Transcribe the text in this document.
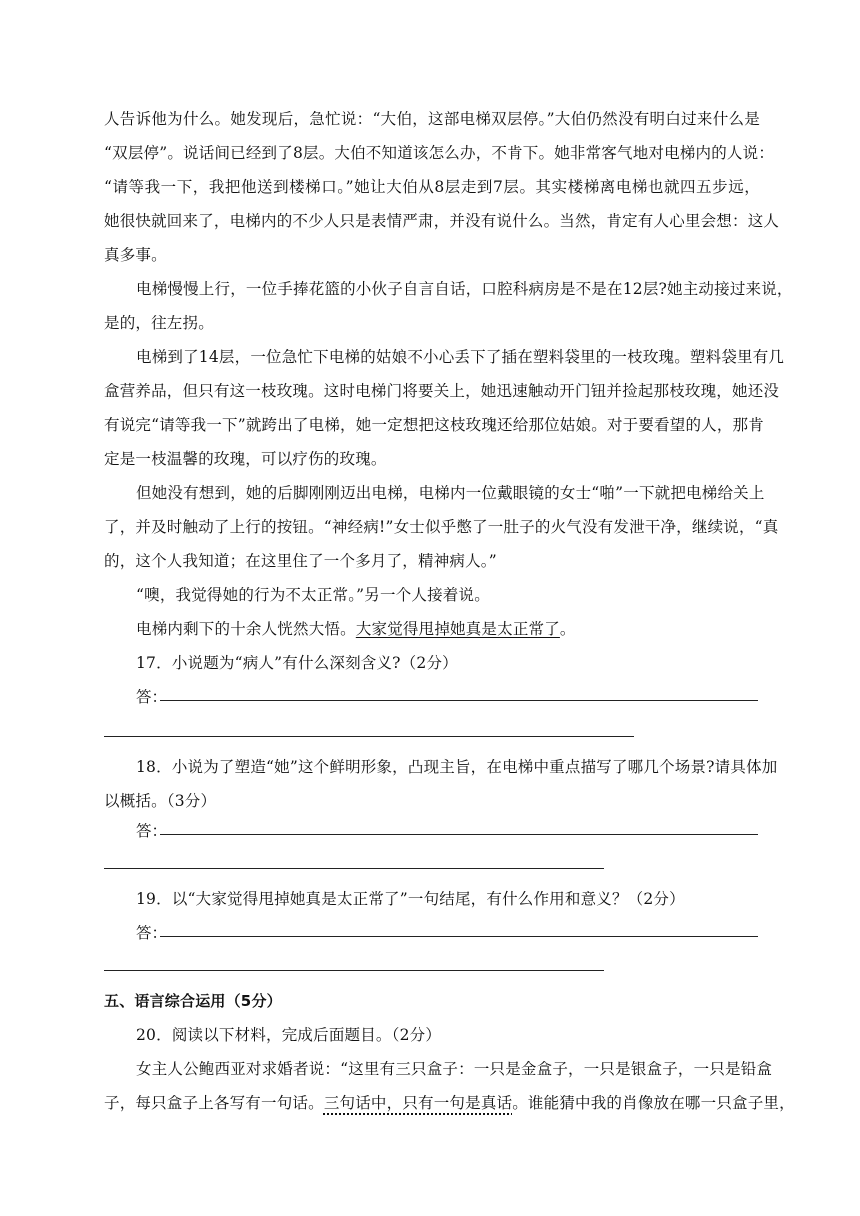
人告诉他为什么。她发现后，急忙说：“大伯，这部电梯双层停。”大伯仍然没有明白过来什么是
“双层停”。说话间已经到了8层。大伯不知道该怎么办，不肯下。她非常客气地对电梯内的人说：
“请等我一下，我把他送到楼梯口。”她让大伯从8层走到7层。其实楼梯离电梯也就四五步远，
她很快就回来了，电梯内的不少人只是表情严肃，并没有说什么。当然，肯定有人心里会想：这人
真多事。
电梯慢慢上行，一位手捧花篮的小伙子自言自话，口腔科病房是不是在12层?她主动接过来说，
是的，往左拐。
电梯到了14层，一位急忙下电梯的姑娘不小心丢下了插在塑料袋里的一枝玫瑰。塑料袋里有几
盒营养品，但只有这一枝玫瑰。这时电梯门将要关上，她迅速触动开门钮并捡起那枝玫瑰，她还没
有说完“请等我一下”就跨出了电梯，她一定想把这枝玫瑰还给那位姑娘。对于要看望的人，那肯
定是一枝温馨的玫瑰，可以疗伤的玫瑰。
但她没有想到，她的后脚刚刚迈出电梯，电梯内一位戴眼镜的女士“啪”一下就把电梯给关上
了，并及时触动了上行的按钮。“神经病!”女士似乎憋了一肚子的火气没有发泄干净，继续说，“真
的，这个人我知道；在这里住了一个多月了，精神病人。”
“噢，我觉得她的行为不太正常。”另一个人接着说。
电梯内剩下的十余人恍然大悟。大家觉得甩掉她真是太正常了。
17．小说题为“病人”有什么深刻含义?（2分）
答：
18．小说为了塑造“她”这个鲜明形象，凸现主旨，在电梯中重点描写了哪几个场景?请具体加
以概括。（3分）
答：
19．以“大家觉得甩掉她真是太正常了”一句结尾，有什么作用和意义？（2分）
答：
五、语言综合运用（5分）
20．阅读以下材料，完成后面题目。（2分）
女主人公鲍西亚对求婚者说：“这里有三只盒子：一只是金盒子，一只是银盒子，一只是铅盒
子，每只盒子上各写有一句话。三句话中，只有一句是真话。谁能猜中我的肖像放在哪一只盒子里，
